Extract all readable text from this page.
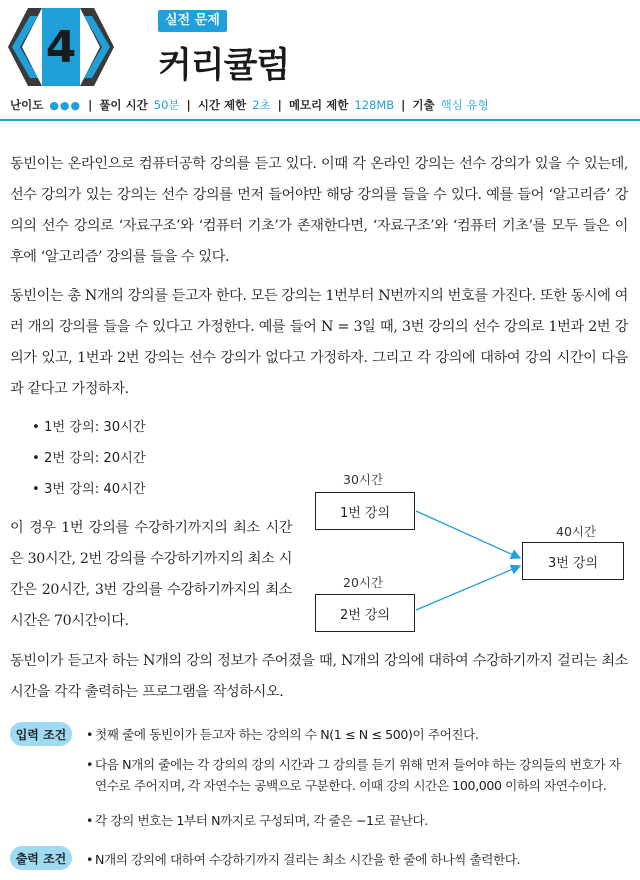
4
실전 문제
커리큘럼
난이도 ●●● | 풀이 시간 50분 | 시간 제한 2초 | 메모리 제한 128MB | 기출 핵심 유형

동빈이는 온라인으로 컴퓨터공학 강의를 듣고 있다. 이때 각 온라인 강의는 선수 강의가 있을 수 있는데, 선수 강의가 있는 강의는 선수 강의를 먼저 들어야만 해당 강의를 들을 수 있다. 예를 들어 ‘알고리즘’ 강의의 선수 강의로 ‘자료구조’와 ‘컴퓨터 기초’가 존재한다면, ‘자료구조’와 ‘컴퓨터 기초’를 모두 들은 이후에 ‘알고리즘’ 강의를 들을 수 있다.

동빈이는 총 N개의 강의를 듣고자 한다. 모든 강의는 1번부터 N번까지의 번호를 가진다. 또한 동시에 여러 개의 강의를 들을 수 있다고 가정한다. 예를 들어 N = 3일 때, 3번 강의의 선수 강의로 1번과 2번 강의가 있고, 1번과 2번 강의는 선수 강의가 없다고 가정하자. 그리고 각 강의에 대하여 강의 시간이 다음과 같다고 가정하자.

• 1번 강의: 30시간
• 2번 강의: 20시간
• 3번 강의: 40시간

이 경우 1번 강의를 수강하기까지의 최소 시간은 30시간, 2번 강의를 수강하기까지의 최소 시간은 20시간, 3번 강의를 수강하기까지의 최소 시간은 70시간이다.

30시간
1번 강의
20시간
2번 강의
40시간
3번 강의

동빈이가 듣고자 하는 N개의 강의 정보가 주어졌을 때, N개의 강의에 대하여 수강하기까지 걸리는 최소 시간을 각각 출력하는 프로그램을 작성하시오.

입력 조건	• 첫째 줄에 동빈이가 듣고자 하는 강의의 수 N(1 ≤ N ≤ 500)이 주어진다.
• 다음 N개의 줄에는 각 강의의 강의 시간과 그 강의를 듣기 위해 먼저 들어야 하는 강의들의 번호가 자연수로 주어지며, 각 자연수는 공백으로 구분한다. 이때 강의 시간은 100,000 이하의 자연수이다.
• 각 강의 번호는 1부터 N까지로 구성되며, 각 줄은 −1로 끝난다.
출력 조건	• N개의 강의에 대하여 수강하기까지 걸리는 최소 시간을 한 줄에 하나씩 출력한다.
